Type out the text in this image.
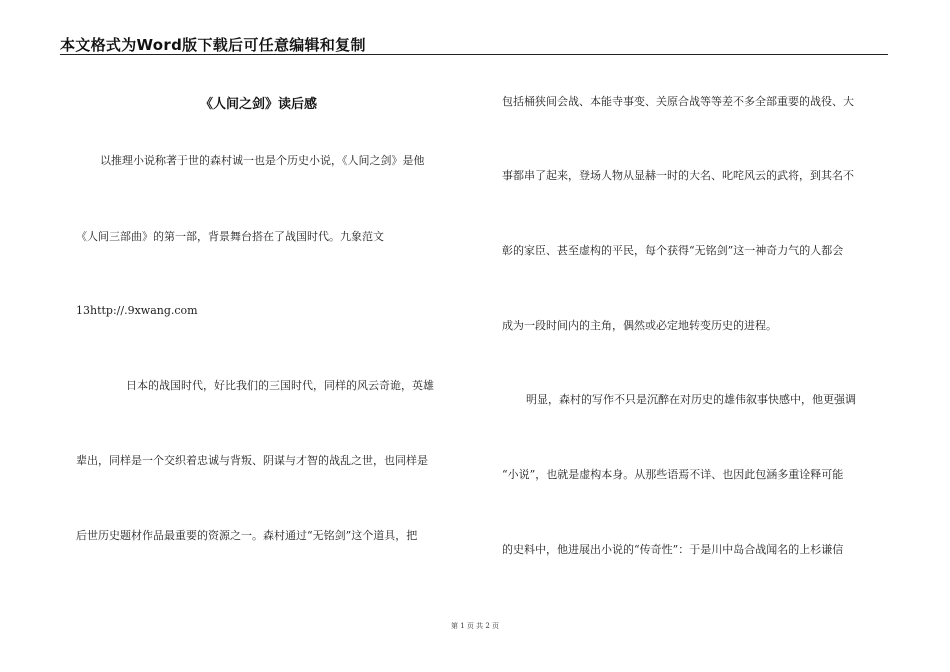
本文格式为Word版下载后可任意编辑和复制
《人间之剑》读后感
以推理小说称著于世的森村诚一也是个历史小说，《人间之剑》是他
《人间三部曲》的第一部，背景舞台搭在了战国时代。九象范文
13http://.9xwang.com
日本的战国时代，好比我们的三国时代，同样的风云奇诡，英雄
辈出，同样是一个交织着忠诚与背叛、阴谋与才智的战乱之世，也同样是
后世历史题材作品最重要的资源之一。森村通过“无铭剑”这个道具，把
包括桶狭间会战、本能寺事变、关原合战等等差不多全部重要的战役、大
事都串了起来，登场人物从显赫一时的大名、叱咤风云的武将，到其名不
彰的家臣、甚至虚构的平民，每个获得“无铭剑”这一神奇力气的人都会
成为一段时间内的主角，偶然或必定地转变历史的进程。
明显，森村的写作不只是沉醉在对历史的雄伟叙事快感中，他更强调
“小说”，也就是虚构本身。从那些语焉不详、也因此包涵多重诠释可能
的史料中，他进展出小说的“传奇性”：于是川中岛合战闻名的上杉谦信
第 1 页 共 2 页
